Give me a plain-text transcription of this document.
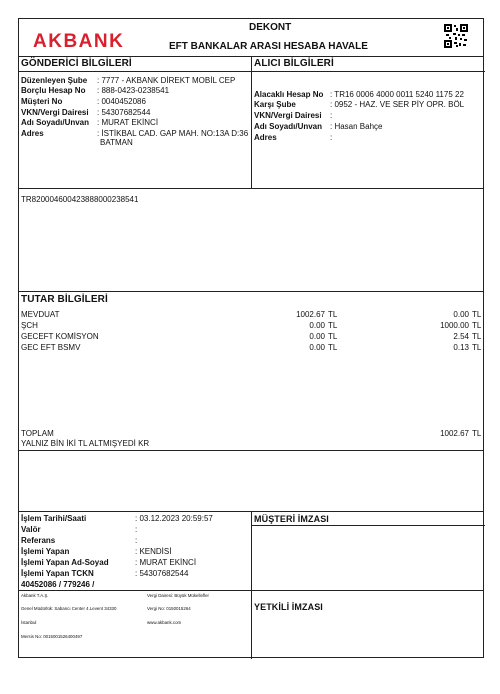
AKBANK
DEKONT
EFT BANKALAR ARASI HESABA HAVALE
GÖNDERİCİ BİLGİLERİ	ALICI BİLGİLERİ
Düzenleyen Şube : 7777 - AKBANK DİREKT MOBİL CEP
Borçlu Hesap No : 888-0423-0238541
Müşteri No	: 0040452086
VKN/Vergi Dairesi : 54307682544
Adı Soyadı/Unvan : MURAT EKİNCİ
Adres	: İSTİKBAL CAD. GAP MAH. NO:13A D:36
BATMAN
Alacaklı Hesap No : TR16 0006 4000 0011 5240 1175 22
Karşı Şube	: 0952 - HAZ. VE SER PİY OPR. BÖL
VKN/Vergi Dairesi :
Adı Soyadı/Unvan : Hasan Bahçe
Adres	:
TR820004600423888000238541
TUTAR BİLGİLERİ
MEVDUAT	1002.67 TL	0.00 TL
ŞCH	0.00 TL	1000.00 TL
GECEFT KOMİSYON	0.00 TL	2.54 TL
GEC EFT BSMV	0.00 TL	0.13 TL
TOPLAM	1002.67 TL
YALNIZ BİN İKİ TL ALTMIŞYEDİ KR
İşlem Tarihi/Saati	: 03.12.2023 20:59:57
Valör	:
Referans	:
İşlemi Yapan	: KENDİSİ
İşlemi Yapan Ad-Soyad	: MURAT EKİNCİ
İşlemi Yapan TCKN	: 54307682544
40452086 / 779246 /
MÜŞTERİ İMZASI
YETKİLİ İMZASI
Akbank T.A.Ş.
Genel Müdürlük: Sabancı Center 4.Levent 34330
İstanbul
Mersis No: 0015001526400497
Vergi Dairesi: Büyük Mükellefler
Vergi No: 0150015264
www.akbank.com
